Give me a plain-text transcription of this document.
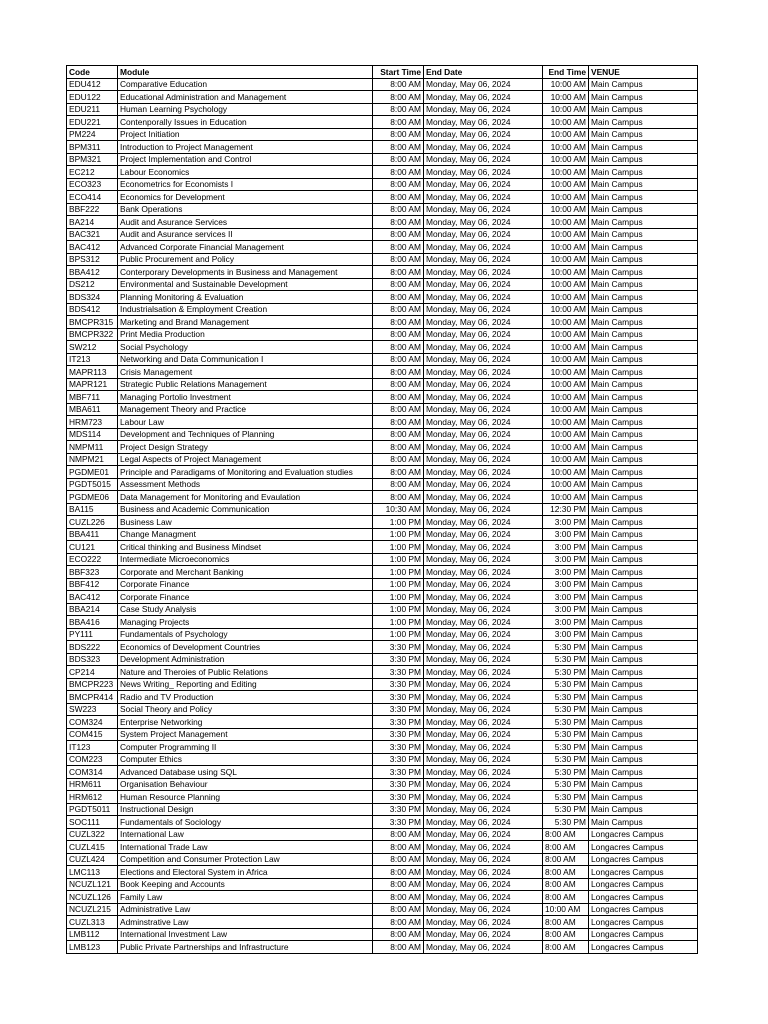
Code	Module	Start Time	End Date	End Time	VENUE
EDU412	Comparative Education	8:00 AM	Monday, May 06, 2024	10:00 AM	Main Campus
EDU122	Educational Administration and Management	8:00 AM	Monday, May 06, 2024	10:00 AM	Main Campus
EDU211	Human Learning Psychology	8:00 AM	Monday, May 06, 2024	10:00 AM	Main Campus
EDU221	Contenporally Issues in Education	8:00 AM	Monday, May 06, 2024	10:00 AM	Main Campus
PM224	Project Initiation	8:00 AM	Monday, May 06, 2024	10:00 AM	Main Campus
BPM311	Introduction to Project Management	8:00 AM	Monday, May 06, 2024	10:00 AM	Main Campus
BPM321	Project Implementation and Control	8:00 AM	Monday, May 06, 2024	10:00 AM	Main Campus
EC212	Labour Economics	8:00 AM	Monday, May 06, 2024	10:00 AM	Main Campus
ECO323	Econometrics for Economists I	8:00 AM	Monday, May 06, 2024	10:00 AM	Main Campus
ECO414	Economics for Development	8:00 AM	Monday, May 06, 2024	10:00 AM	Main Campus
BBF222	Bank Operations	8:00 AM	Monday, May 06, 2024	10:00 AM	Main Campus
BA214	Audit and Asurance Services	8:00 AM	Monday, May 06, 2024	10:00 AM	Main Campus
BAC321	Audit and Asurance services II	8:00 AM	Monday, May 06, 2024	10:00 AM	Main Campus
BAC412	Advanced Corporate Financial Management	8:00 AM	Monday, May 06, 2024	10:00 AM	Main Campus
BPS312	Public Procurement and Policy	8:00 AM	Monday, May 06, 2024	10:00 AM	Main Campus
BBA412	Conterporary Developments in Business and Management	8:00 AM	Monday, May 06, 2024	10:00 AM	Main Campus
DS212	Environmental and Sustainable Development	8:00 AM	Monday, May 06, 2024	10:00 AM	Main Campus
BDS324	Planning Monitoring & Evaluation	8:00 AM	Monday, May 06, 2024	10:00 AM	Main Campus
BDS412	Industrialsation & Employment Creation	8:00 AM	Monday, May 06, 2024	10:00 AM	Main Campus
BMCPR315	Marketing and Brand Management	8:00 AM	Monday, May 06, 2024	10:00 AM	Main Campus
BMCPR322	Print Media Production	8:00 AM	Monday, May 06, 2024	10:00 AM	Main Campus
SW212	Social Psychology	8:00 AM	Monday, May 06, 2024	10:00 AM	Main Campus
IT213	Networking and Data Communication I	8:00 AM	Monday, May 06, 2024	10:00 AM	Main Campus
MAPR113	Crisis Management	8:00 AM	Monday, May 06, 2024	10:00 AM	Main Campus
MAPR121	Strategic Public Relations Management	8:00 AM	Monday, May 06, 2024	10:00 AM	Main Campus
MBF711	Managing Portolio Investment	8:00 AM	Monday, May 06, 2024	10:00 AM	Main Campus
MBA611	Management Theory and Practice	8:00 AM	Monday, May 06, 2024	10:00 AM	Main Campus
HRM723	Labour Law	8:00 AM	Monday, May 06, 2024	10:00 AM	Main Campus
MDS114	Development and Techniques of Planning	8:00 AM	Monday, May 06, 2024	10:00 AM	Main Campus
NMPM11	Project Design Strategy	8:00 AM	Monday, May 06, 2024	10:00 AM	Main Campus
NMPM21	Legal Aspects of Project Management	8:00 AM	Monday, May 06, 2024	10:00 AM	Main Campus
PGDME01	Principle and Paradigams of Monitoring and Evaluation studies	8:00 AM	Monday, May 06, 2024	10:00 AM	Main Campus
PGDT5015	Assessment Methods	8:00 AM	Monday, May 06, 2024	10:00 AM	Main Campus
PGDME06	Data Management for Monitoring and Evaulation	8:00 AM	Monday, May 06, 2024	10:00 AM	Main Campus
BA115	Business and Academic Communication	10:30 AM	Monday, May 06, 2024	12:30 PM	Main Campus
CUZL226	Business Law	1:00 PM	Monday, May 06, 2024	3:00 PM	Main Campus
BBA411	Change Managment	1:00 PM	Monday, May 06, 2024	3:00 PM	Main Campus
CU121	Critical thinking and Business Mindset	1:00 PM	Monday, May 06, 2024	3:00 PM	Main Campus
ECO222	Intermediate Microeconomics	1:00 PM	Monday, May 06, 2024	3:00 PM	Main Campus
BBF323	Corporate and Merchant Banking	1:00 PM	Monday, May 06, 2024	3:00 PM	Main Campus
BBF412	Corporate Finance	1:00 PM	Monday, May 06, 2024	3:00 PM	Main Campus
BAC412	Corporate Finance	1:00 PM	Monday, May 06, 2024	3:00 PM	Main Campus
BBA214	Case Study Analysis	1:00 PM	Monday, May 06, 2024	3:00 PM	Main Campus
BBA416	Managing Projects	1:00 PM	Monday, May 06, 2024	3:00 PM	Main Campus
PY111	Fundamentals of Psychology	1:00 PM	Monday, May 06, 2024	3:00 PM	Main Campus
BDS222	Economics of Development Countries	3:30 PM	Monday, May 06, 2024	5:30 PM	Main Campus
BDS323	Development Administration	3:30 PM	Monday, May 06, 2024	5:30 PM	Main Campus
CP214	Nature and Theroies of Public Relations	3:30 PM	Monday, May 06, 2024	5:30 PM	Main Campus
BMCPR223	News Writing_ Reporting and Editing	3:30 PM	Monday, May 06, 2024	5:30 PM	Main Campus
BMCPR414	Radio and TV Production	3:30 PM	Monday, May 06, 2024	5:30 PM	Main Campus
SW223	Social Theory and Policy	3:30 PM	Monday, May 06, 2024	5:30 PM	Main Campus
COM324	Enterprise Networking	3:30 PM	Monday, May 06, 2024	5:30 PM	Main Campus
COM415	System Project Management	3:30 PM	Monday, May 06, 2024	5:30 PM	Main Campus
IT123	Computer Programming II	3:30 PM	Monday, May 06, 2024	5:30 PM	Main Campus
COM223	Computer Ethics	3:30 PM	Monday, May 06, 2024	5:30 PM	Main Campus
COM314	Advanced Database using SQL	3:30 PM	Monday, May 06, 2024	5:30 PM	Main Campus
HRM611	Organisation Behaviour	3:30 PM	Monday, May 06, 2024	5:30 PM	Main Campus
HRM612	Human Resource Planning	3:30 PM	Monday, May 06, 2024	5:30 PM	Main Campus
PGDT5011	Instructional Design	3:30 PM	Monday, May 06, 2024	5:30 PM	Main Campus
SOC111	Fundamentals of Sociology	3:30 PM	Monday, May 06, 2024	5:30 PM	Main Campus
CUZL322	International Law	8:00 AM	Monday, May 06, 2024	8:00 AM	Longacres Campus
CUZL415	International Trade Law	8:00 AM	Monday, May 06, 2024	8:00 AM	Longacres Campus
CUZL424	Competition and Consumer Protection Law	8:00 AM	Monday, May 06, 2024	8:00 AM	Longacres Campus
LMC113	Elections and Electoral System in Africa	8:00 AM	Monday, May 06, 2024	8:00 AM	Longacres Campus
NCUZL121	Book Keeping and Accounts	8:00 AM	Monday, May 06, 2024	8:00 AM	Longacres Campus
NCUZL126	Family Law	8:00 AM	Monday, May 06, 2024	8:00 AM	Longacres Campus
NCUZL215	Administrative Law	8:00 AM	Monday, May 06, 2024	10:00 AM	Longacres Campus
CUZL313	Adminstrative Law	8:00 AM	Monday, May 06, 2024	8:00 AM	Longacres Campus
LMB112	International Investment Law	8:00 AM	Monday, May 06, 2024	8:00 AM	Longacres Campus
LMB123	Public Private Partnerships and Infrastructure	8:00 AM	Monday, May 06, 2024	8:00 AM	Longacres Campus
